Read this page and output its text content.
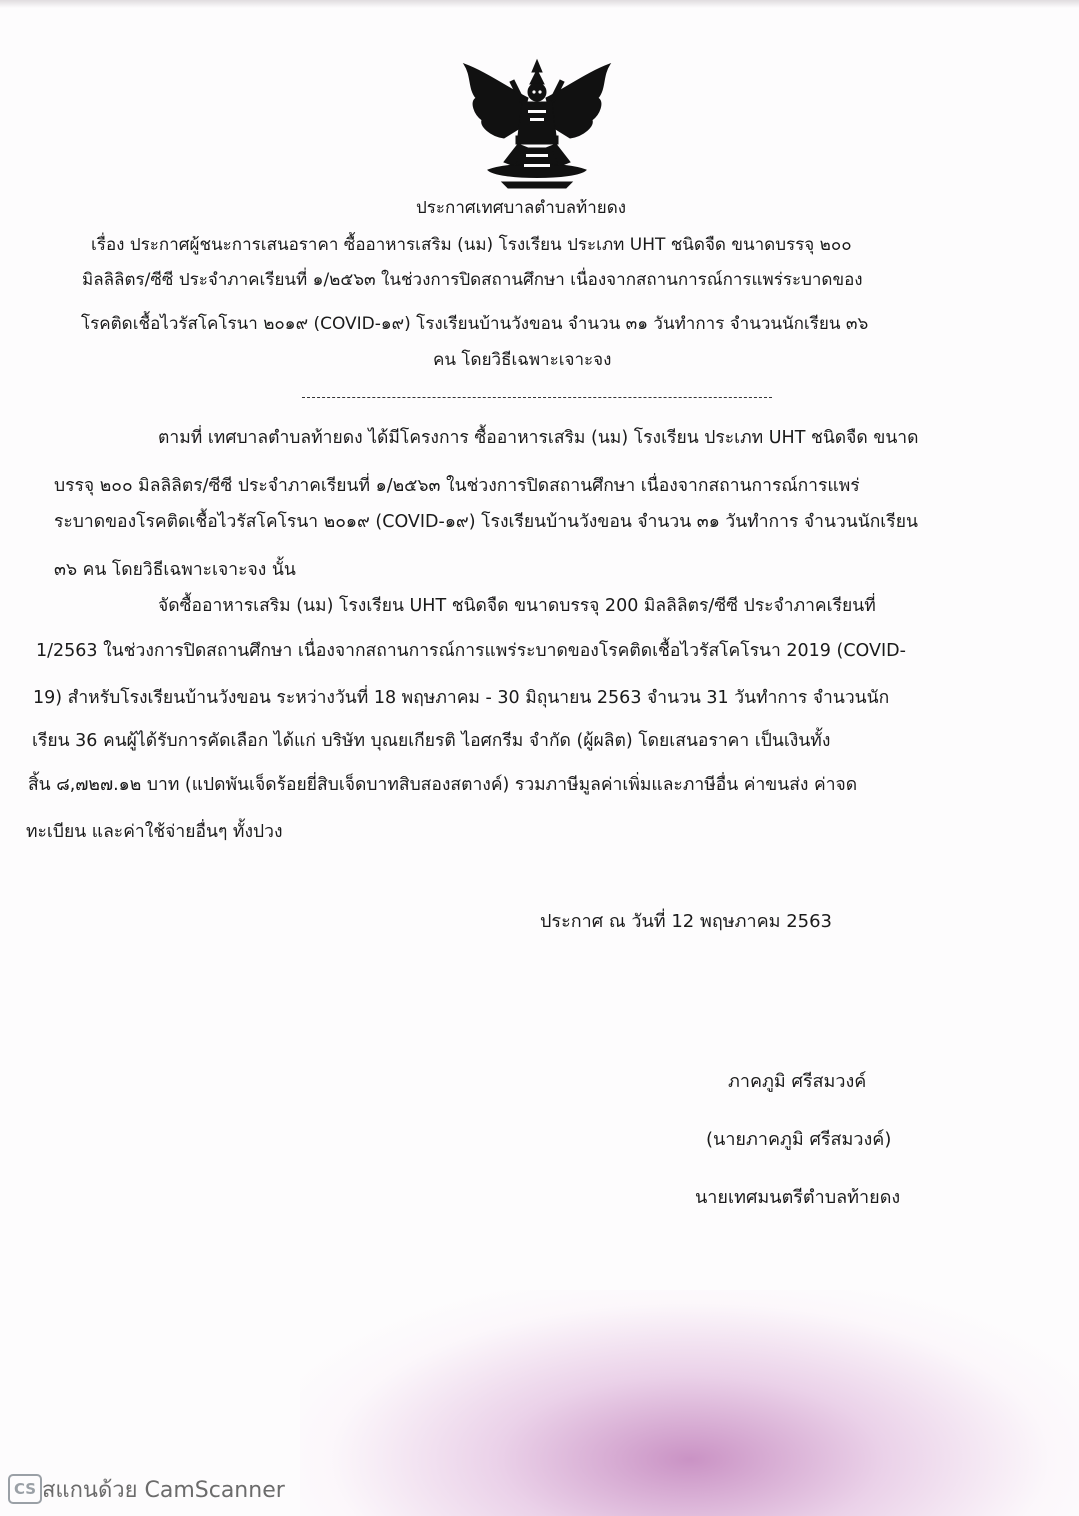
ประกาศเทศบาลตำบลท้ายดง
เรื่อง ประกาศผู้ชนะการเสนอราคา ซื้ออาหารเสริม (นม) โรงเรียน ประเภท UHT ชนิดจืด ขนาดบรรจุ ๒๐๐
มิลลิลิตร/ซีซี ประจำภาคเรียนที่ ๑/๒๕๖๓ ในช่วงการปิดสถานศึกษา เนื่องจากสถานการณ์การแพร่ระบาดของ
โรคติดเชื้อไวรัสโคโรนา ๒๐๑๙ (COVID-๑๙) โรงเรียนบ้านวังขอน จำนวน ๓๑ วันทำการ จำนวนนักเรียน ๓๖
คน โดยวิธีเฉพาะเจาะจง
ตามที่ เทศบาลตำบลท้ายดง ได้มีโครงการ ซื้ออาหารเสริม (นม) โรงเรียน ประเภท UHT ชนิดจืด ขนาด
บรรจุ ๒๐๐ มิลลิลิตร/ซีซี ประจำภาคเรียนที่ ๑/๒๕๖๓ ในช่วงการปิดสถานศึกษา เนื่องจากสถานการณ์การแพร่
ระบาดของโรคติดเชื้อไวรัสโคโรนา ๒๐๑๙ (COVID-๑๙) โรงเรียนบ้านวังขอน จำนวน ๓๑ วันทำการ จำนวนนักเรียน
๓๖ คน โดยวิธีเฉพาะเจาะจง นั้น
จัดซื้ออาหารเสริม (นม) โรงเรียน UHT ชนิดจืด ขนาดบรรจุ 200 มิลลิลิตร/ซีซี ประจำภาคเรียนที่
1/2563 ในช่วงการปิดสถานศึกษา เนื่องจากสถานการณ์การแพร่ระบาดของโรคติดเชื้อไวรัสโคโรนา 2019 (COVID-
19) สำหรับโรงเรียนบ้านวังขอน ระหว่างวันที่ 18 พฤษภาคม - 30 มิถุนายน 2563 จำนวน 31 วันทำการ จำนวนนัก
เรียน 36 คนผู้ได้รับการคัดเลือก ได้แก่ บริษัท บุณยเกียรติ ไอศกรีม จำกัด (ผู้ผลิต) โดยเสนอราคา เป็นเงินทั้ง
สิ้น ๘,๗๒๗.๑๒ บาท (แปดพันเจ็ดร้อยยี่สิบเจ็ดบาทสิบสองสตางค์) รวมภาษีมูลค่าเพิ่มและภาษีอื่น ค่าขนส่ง ค่าจด
ทะเบียน และค่าใช้จ่ายอื่นๆ ทั้งปวง
ประกาศ ณ วันที่ 12 พฤษภาคม 2563
ภาคภูมิ ศรีสมวงค์
(นายภาคภูมิ ศรีสมวงค์)
นายเทศมนตรีตำบลท้ายดง
CS สแกนด้วย CamScanner
